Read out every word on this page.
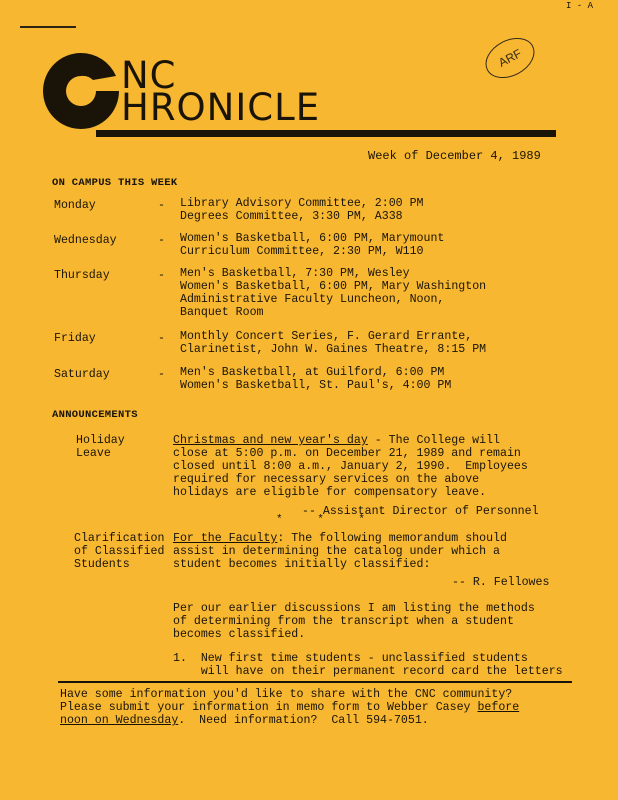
I - A
NC
HRONICLE
ARF
Week of December 4, 1989
ON CAMPUS THIS WEEK
Monday	- Library Advisory Committee, 2:00 PM
Degrees Committee, 3:30 PM, A338
Wednesday	- Women's Basketball, 6:00 PM, Marymount
Curriculum Committee, 2:30 PM, W110
Thursday	- Men's Basketball, 7:30 PM, Wesley
Women's Basketball, 6:00 PM, Mary Washington
Administrative Faculty Luncheon, Noon,
Banquet Room
Friday	- Monthly Concert Series, F. Gerard Errante,
Clarinetist, John W. Gaines Theatre, 8:15 PM
Saturday	- Men's Basketball, at Guilford, 6:00 PM
Women's Basketball, St. Paul's, 4:00 PM
ANNOUNCEMENTS
Holiday
Leave
Christmas and new year's day - The College will
close at 5:00 p.m. on December 21, 1989 and remain
closed until 8:00 a.m., January 2, 1990.  Employees
required for necessary services on the above
holidays are eligible for compensatory leave.
-- Assistant Director of Personnel
* * *
Clarification
of Classified
Students
For the Faculty: The following memorandum should
assist in determining the catalog under which a
student becomes initially classified:
-- R. Fellowes
Per our earlier discussions I am listing the methods
of determining from the transcript when a student
becomes classified.
1.  New first time students - unclassified students
will have on their permanent record card the letters
Have some information you'd like to share with the CNC community?
Please submit your information in memo form to Webber Casey before
noon on Wednesday.  Need information?  Call 594-7051.
